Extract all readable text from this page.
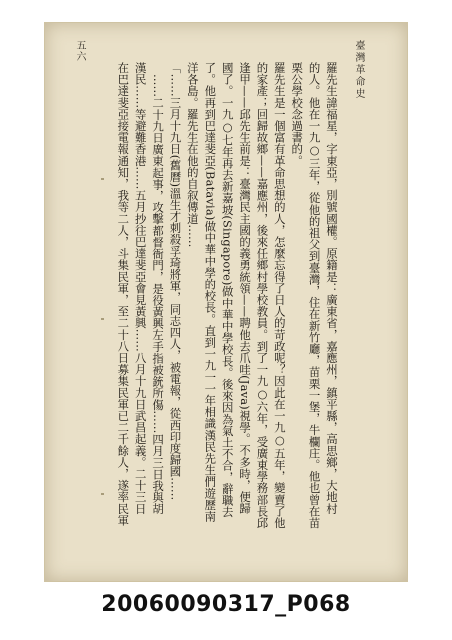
臺灣革命史
五六
羅先生諱福星，字東亞，別號國權。原籍是：廣東省，嘉應州，鎮平縣，高思鄉，大地村
的人。他在一九○三年，從他的祖父到臺灣，住在新竹廳，苗栗一堡，牛欄庄。他也曾在苗
栗公學校念過書的。
羅先生是一個富有革命思想的人，怎麼忘得了日人的苛政呢？因此在一九○五年，變賣了他
的家產；回歸故鄉——嘉應州，後來任鄉村學校教員。到了一九○六年，受廣東學務部長邱
逢甲——邱先生前是：臺灣民主國的義勇統領——聘他去爪哇(Java)視學。不多時，便歸
國了。一九○七年再去新嘉坡(Singapore)做中華中學校長。後來因為氣土不合，辭職去
了。他再到巴達斐亞(Batavia)做中華中學的校長。直到一九一一年相識漢民先生們遊歷南
洋各島。羅先生在他的自叙傳道……
「……三月十九日(舊曆)溫生才刺殺孚琦將軍，同志四人，被電報，從西印度歸國……
……二十九日廣東起事，攻擊都督衙門，是役黃興左手指被銃所傷……四月三日我與胡
漢民……等避難香港……五月抄往巴達斐亞會見黃興……八月十九日武昌起義。二十三日
在巴達斐亞接電報通知，我等二人，斗集民軍，至二十八日募集民軍已二千餘人，遂率民軍
20060090317_P068
